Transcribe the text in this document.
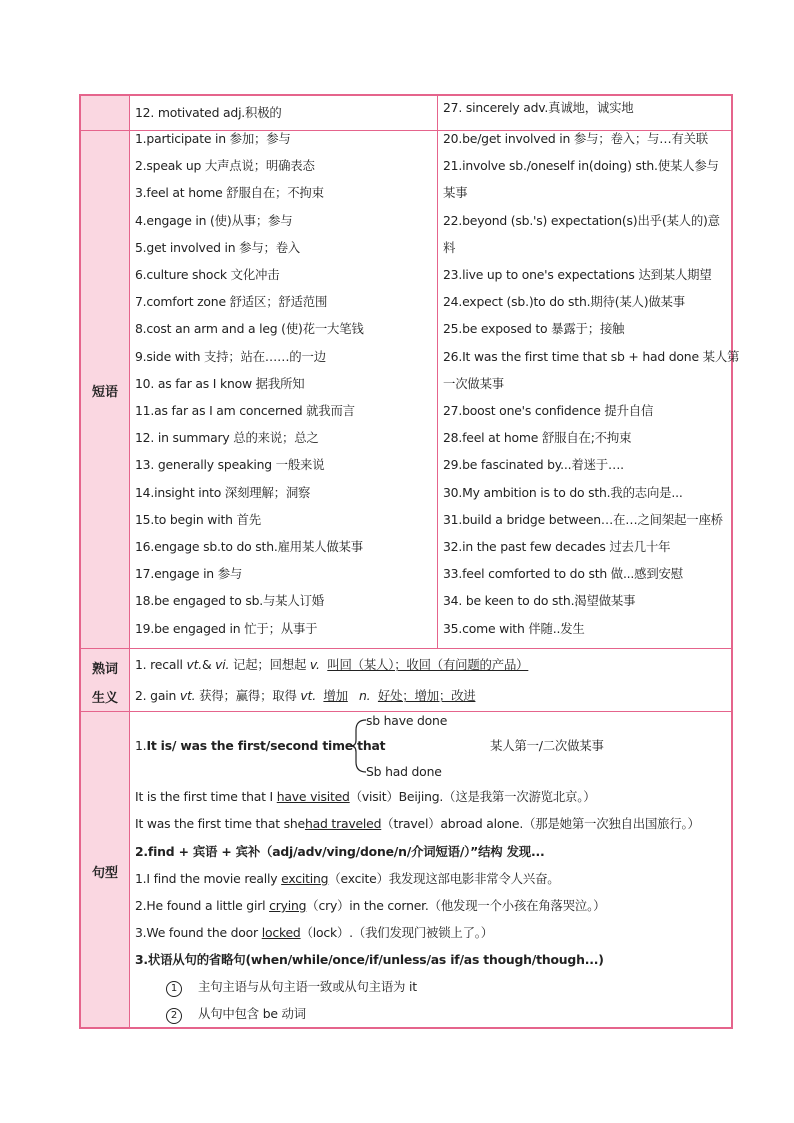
短语
熟词
生义
句型
12. motivated adj.积极的	27. sincerely adv.真诚地，诚实地
1.participate in 参加；参与
2.speak up 大声点说；明确表态
3.feel at home 舒服自在；不拘束
4.engage in (使)从事；参与
5.get involved in 参与；卷入
6.culture shock 文化冲击
7.comfort zone 舒适区；舒适范围
8.cost an arm and a leg (使)花一大笔钱
9.side with 支持；站在……的一边
10. as far as I know 据我所知
11.as far as I am concerned 就我而言
12. in summary 总的来说；总之
13. generally speaking 一般来说
14.insight into 深刻理解；洞察
15.to begin with 首先
16.engage sb.to do sth.雇用某人做某事
17.engage in 参与
18.be engaged to sb.与某人订婚
19.be engaged in 忙于；从事于
20.be/get involved in 参与；卷入；与…有关联
21.involve sb./oneself in(doing) sth.使某人参与
某事
22.beyond (sb.'s) expectation(s)出乎(某人的)意
料
23.live up to one's expectations 达到某人期望
24.expect (sb.)to do sth.期待(某人)做某事
25.be exposed to 暴露于；接触
26.It was the first time that sb + had done 某人第
一次做某事
27.boost one's confidence 提升自信
28.feel at home 舒服自在;不拘束
29.be fascinated by...着迷于….
30.My ambition is to do sth.我的志向是...
31.build a bridge between…在…之间架起一座桥
32.in the past few decades 过去几十年
33.feel comforted to do sth 做...感到安慰
34. be keen to do sth.渴望做某事
35.come with 伴随..发生
1. recall vt.& vi. 记起；回想起 v. 叫回（某人）；收回（有问题的产品）
2. gain vt. 获得；赢得；取得 vt. 增加 n. 好处；增加；改进
sb have done
1.It is/ was the first/second time that
Sb had done
某人第一/二次做某事
It is the first time that I have visited（visit）Beijing.（这是我第一次游览北京。）
It was the first time that shehad traveled（travel）abroad alone.（那是她第一次独自出国旅行。）
2.find + 宾语 + 宾补（adj/adv/ving/done/n/介词短语/）”结构 发现...
1.I find the movie really exciting（excite）我发现这部电影非常令人兴奋。
2.He found a little girl crying（cry）in the corner.（他发现一个小孩在角落哭泣。）
3.We found the door locked（lock）.（我们发现门被锁上了。）
3.状语从句的省略句(when/while/once/if/unless/as if/as though/though...)
1 主句主语与从句主语一致或从句主语为 it
2 从句中包含 be 动词
